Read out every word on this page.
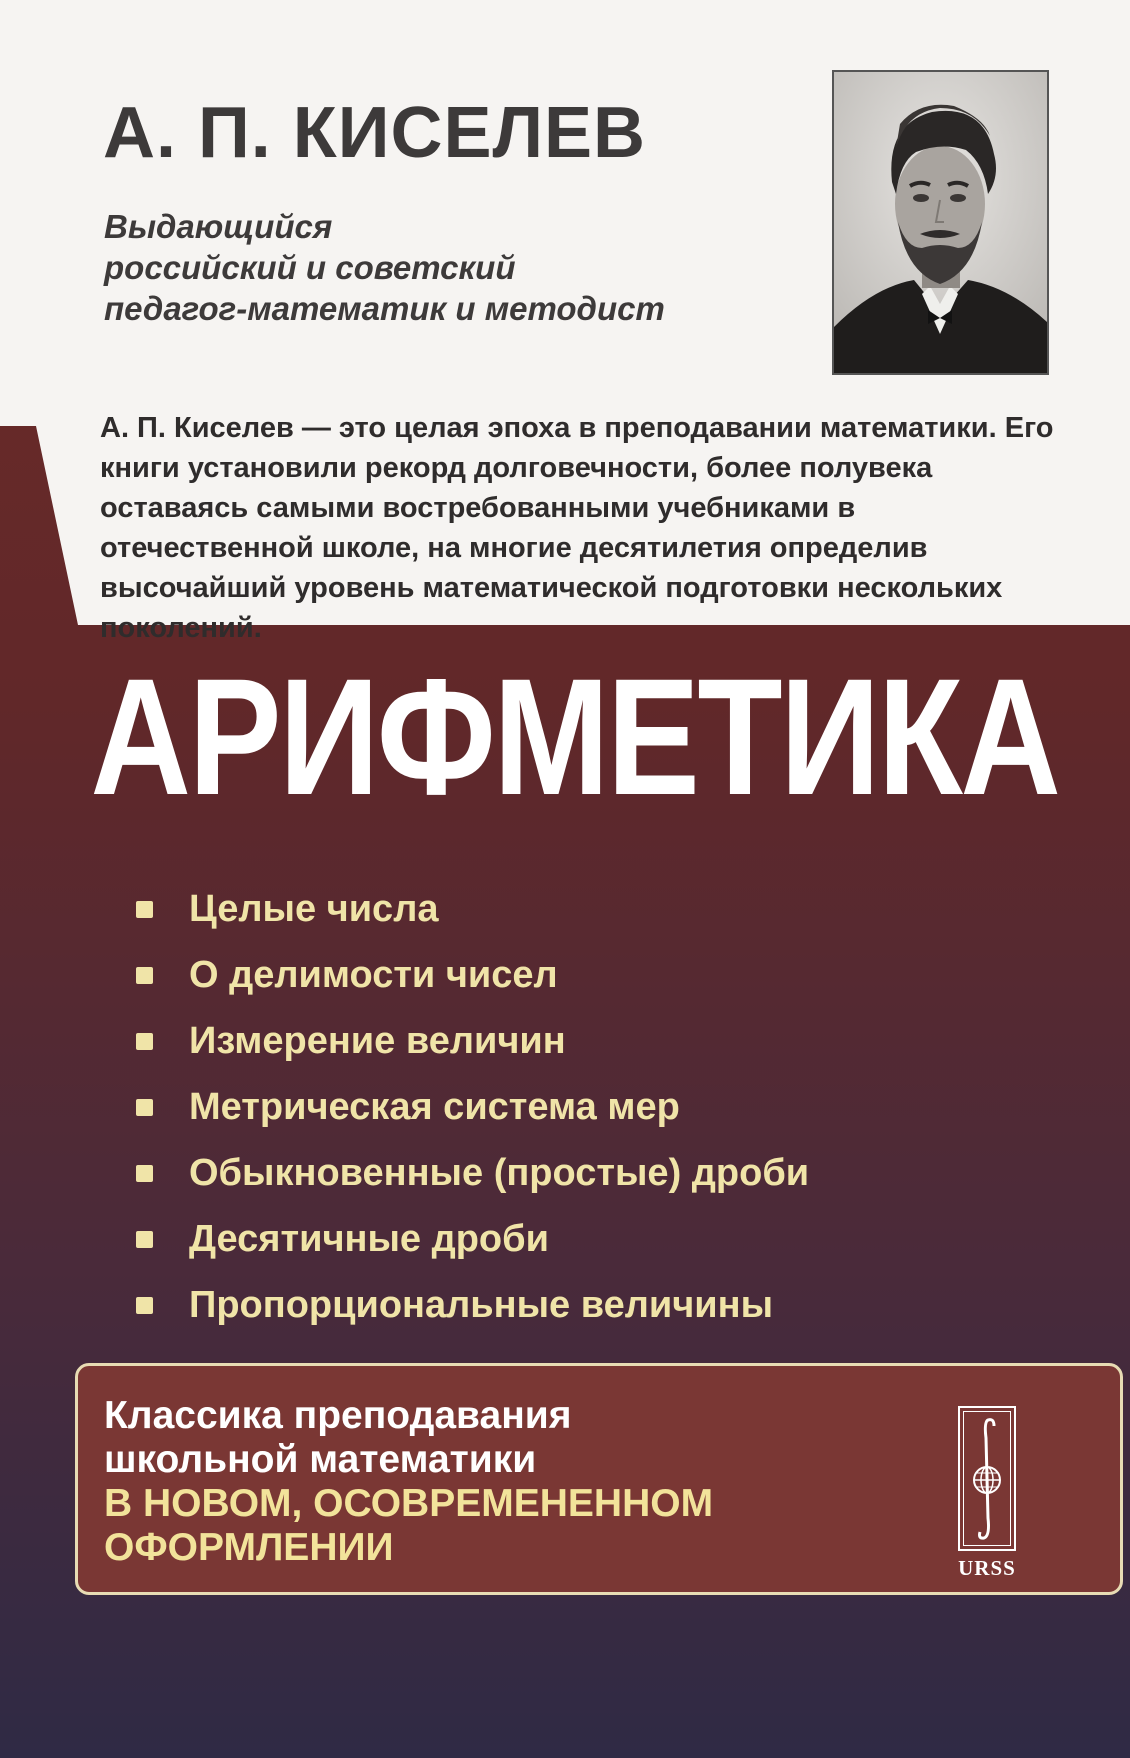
А. П. КИСЕЛЕВ
Выдающийся
российский и советский
педагог-математик и методист

А. П. Киселев — это целая эпоха в преподавании математики. Его книги установили рекорд долговечности, более полувека оставаясь самыми востребованными учебниками в отечественной школе, на многие десятилетия определив высочайший уровень математической подготовки нескольких поколений.

АРИФМЕТИКА
Целые числа
О делимости чисел
Измерение величин
Метрическая система мер
Обыкновенные (простые) дроби
Десятичные дроби
Пропорциональные величины
Классика преподавания
школьной математики
В НОВОМ, ОСОВРЕМЕНЕННОМ
ОФОРМЛЕНИИ	URSS
